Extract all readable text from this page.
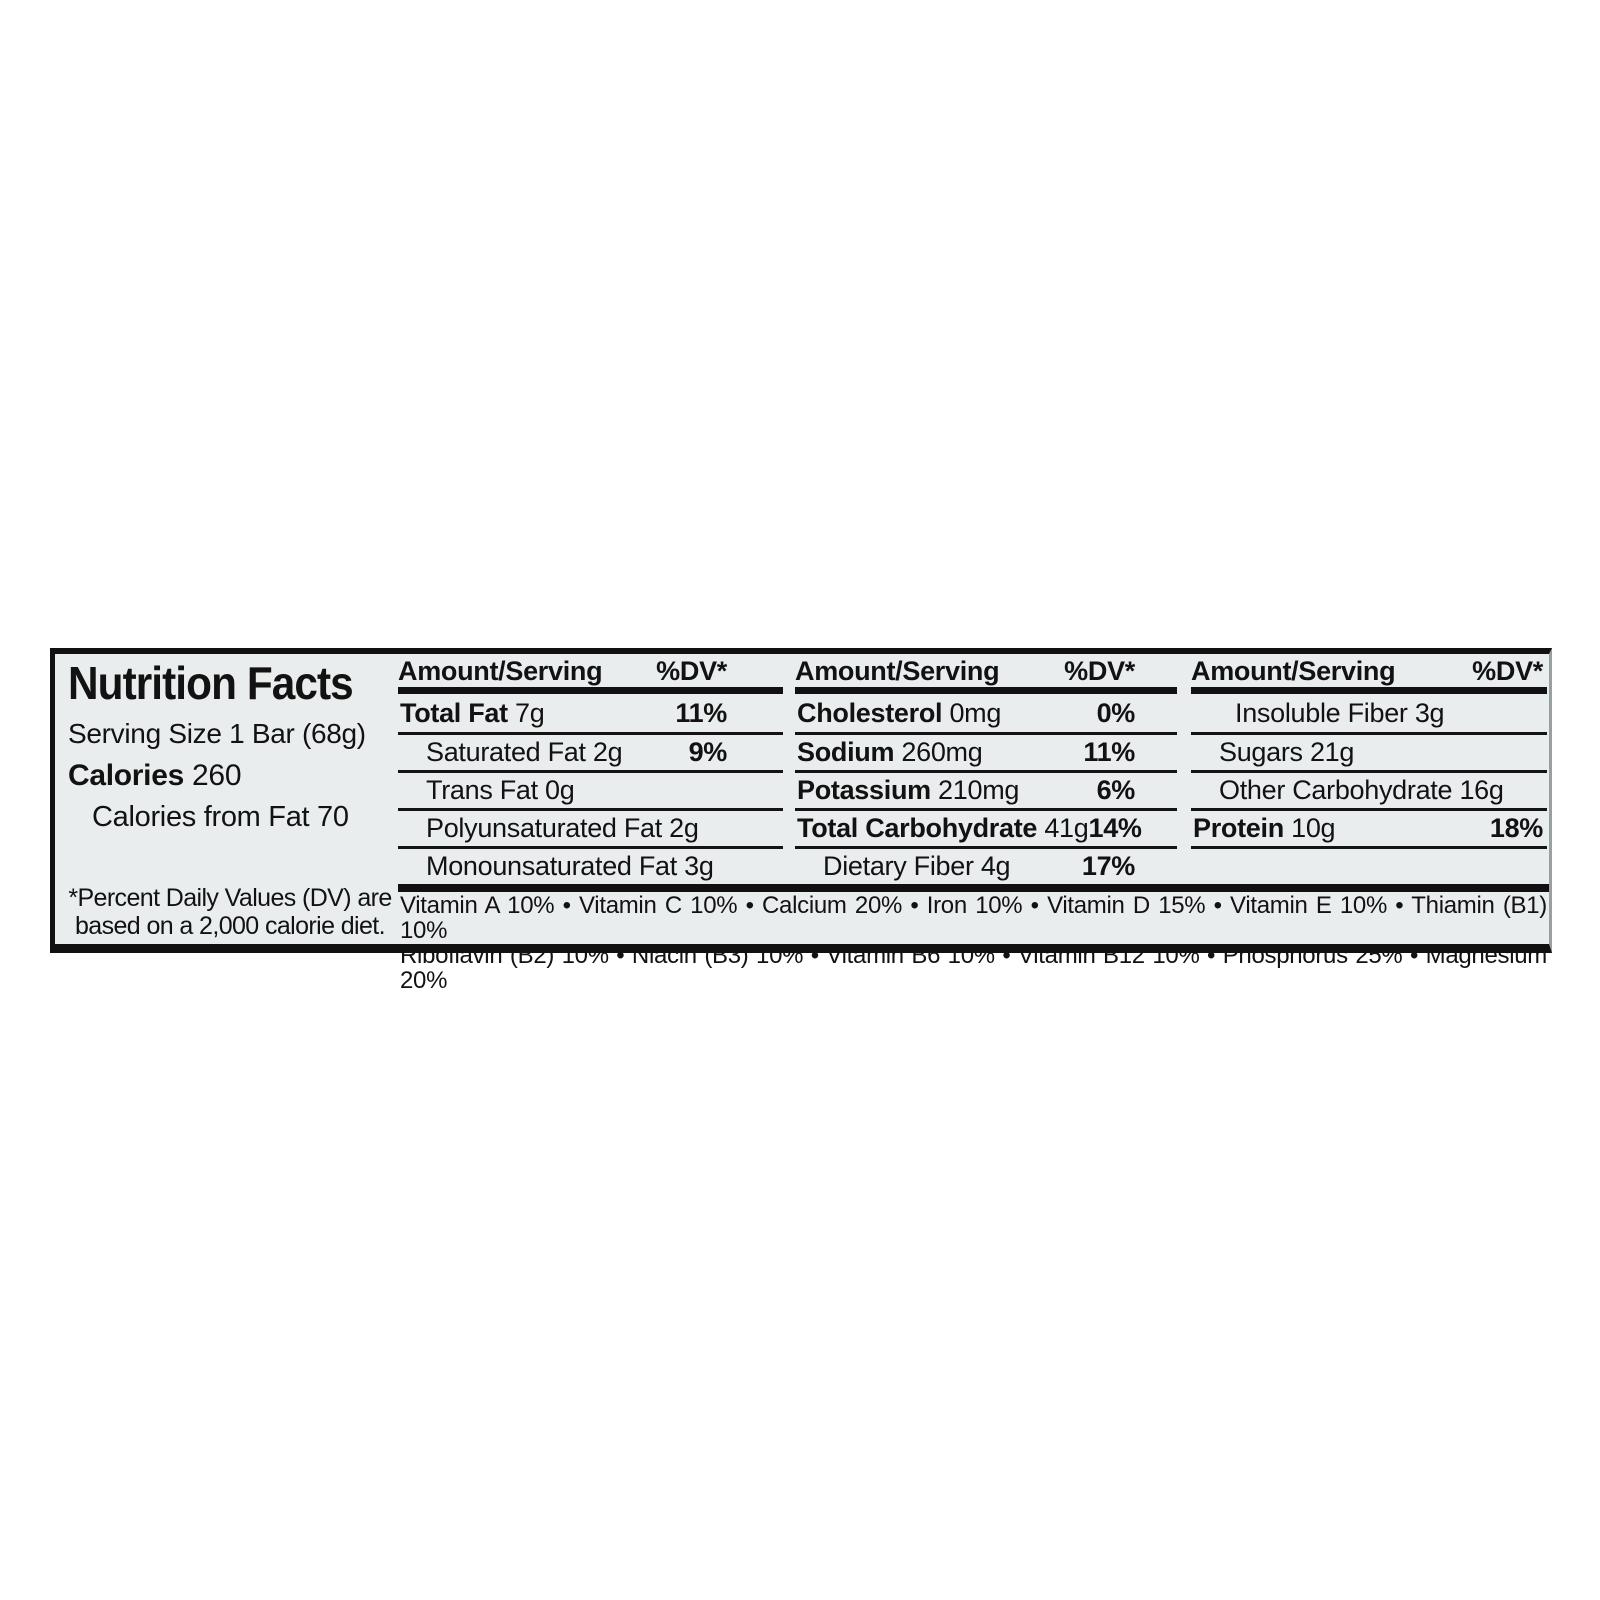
Nutrition Facts
Serving Size 1 Bar (68g)
Calories 260
Calories from Fat 70
*Percent Daily Values (DV) are
based on a 2,000 calorie diet.
Amount/Serving %DV*
Total Fat 7g	11%
Saturated Fat 2g 9%
Trans Fat 0g
Polyunsaturated Fat 2g
Monounsaturated Fat 3g
Amount/Serving %DV*
Cholesterol 0mg	0%
Sodium 260mg	11%
Potassium 210mg	6%
Total Carbohydrate 41g 14%
Dietary Fiber 4g	17%
Amount/Serving	%DV*
Insoluble Fiber 3g
Sugars 21g
Other Carbohydrate 16g
Protein 10g	18%
Vitamin A 10% • Vitamin C 10% • Calcium 20% • Iron 10% • Vitamin D 15% • Vitamin E 10% • Thiamin (B1) 10%
Riboflavin (B2) 10% • Niacin (B3) 10% • Vitamin B6 10% • Vitamin B12 10% • Phosphorus 25% • Magnesium 20%
